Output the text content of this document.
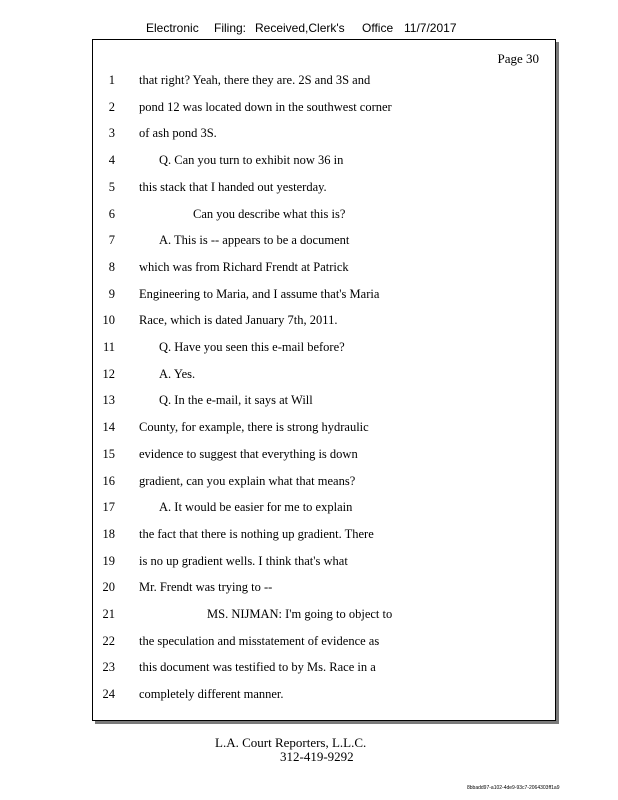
Electronic Filing: Received,Clerk's Office 11/7/2017
Page 30
1 that right? Yeah, there they are. 2S and 3S and
2 pond 12 was located down in the southwest corner
3 of ash pond 3S.
4	Q. Can you turn to exhibit now 36 in
5 this stack that I handed out yesterday.
6	Can you describe what this is?
7	A. This is -- appears to be a document
8 which was from Richard Frendt at Patrick
9 Engineering to Maria, and I assume that's Maria
10 Race, which is dated January 7th, 2011.
11	Q. Have you seen this e-mail before?
12	A. Yes.
13	Q. In the e-mail, it says at Will
14 County, for example, there is strong hydraulic
15 evidence to suggest that everything is down
16 gradient, can you explain what that means?
17	A. It would be easier for me to explain
18 the fact that there is nothing up gradient. There
19 is no up gradient wells. I think that's what
20 Mr. Frendt was trying to --
21	MS. NIJMAN: I'm going to object to
22 the speculation and misstatement of evidence as
23 this document was testified to by Ms. Race in a
24 completely different manner.
L.A. Court Reporters, L.L.C.
312-419-9292
8bbadd97-a102-4de9-93c7-2064303ff1a9
